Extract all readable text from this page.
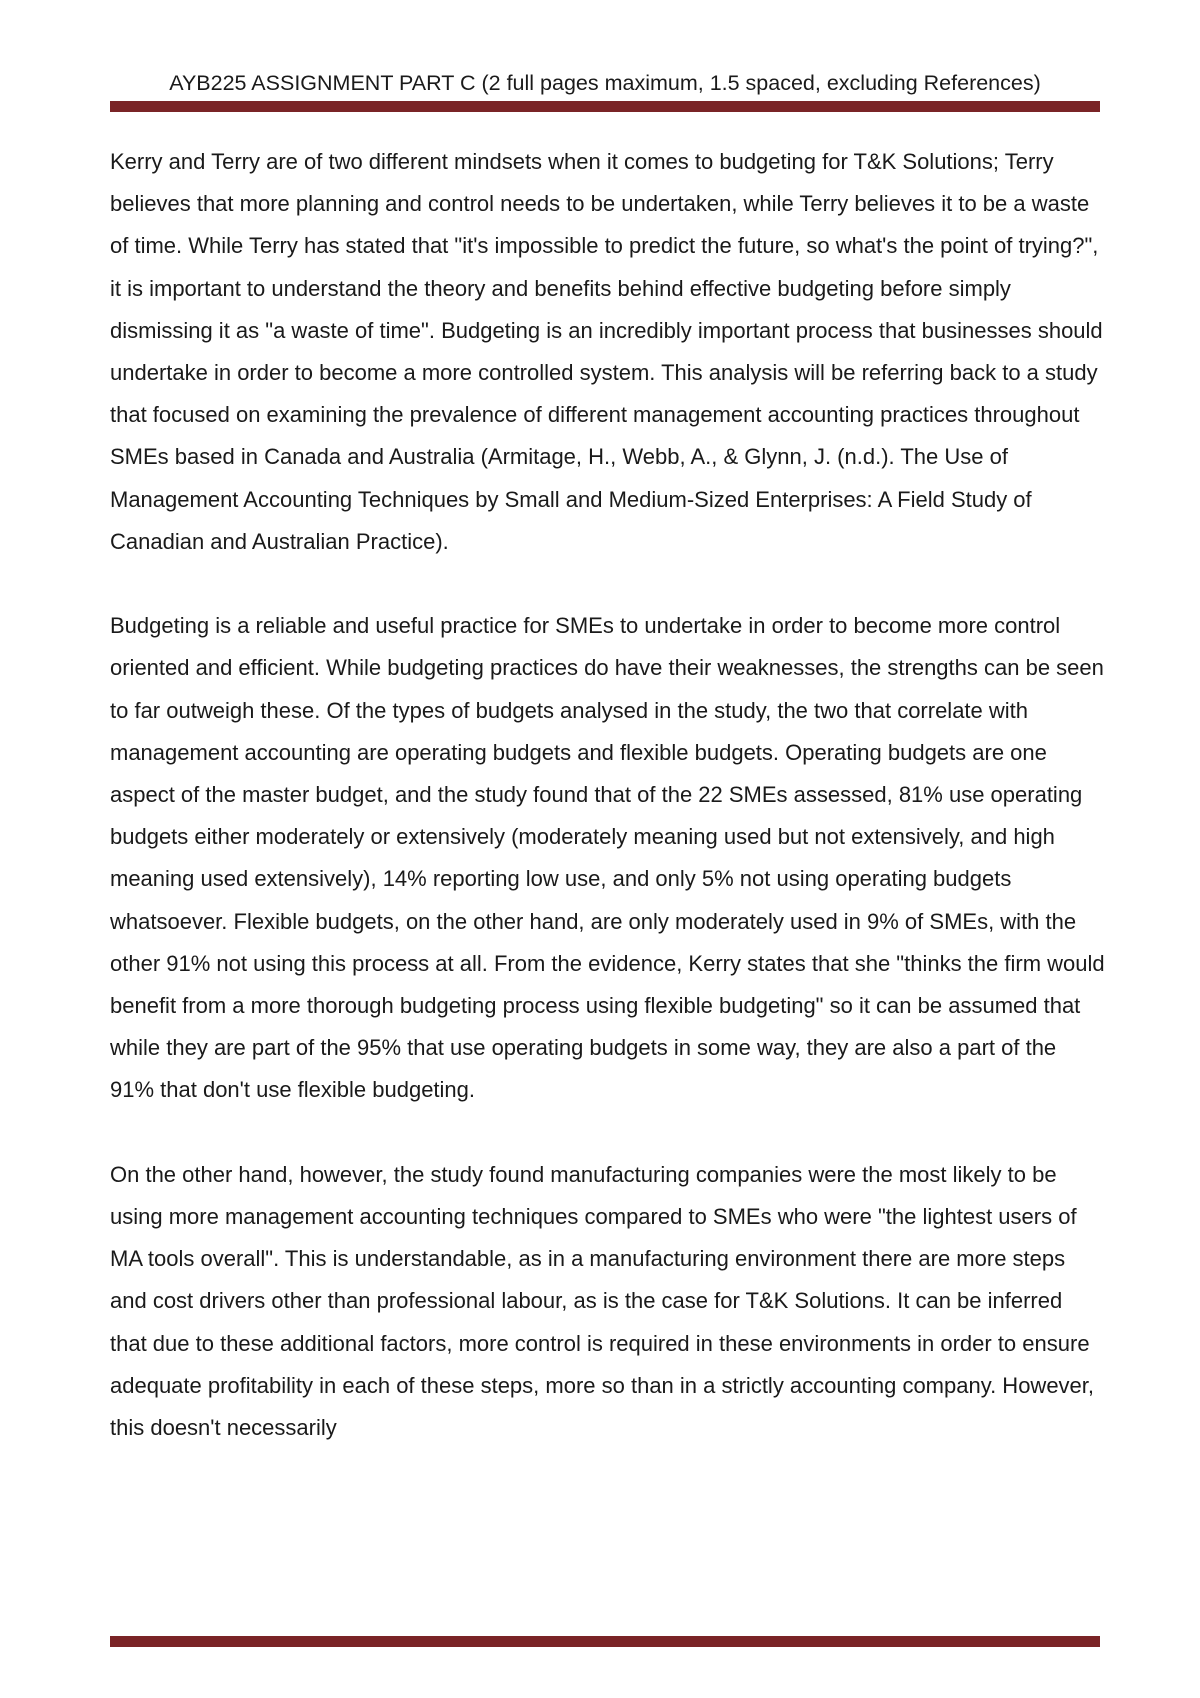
AYB225 ASSIGNMENT PART C (2 full pages maximum, 1.5 spaced, excluding References)

Kerry and Terry are of two different mindsets when it comes to budgeting for T&K Solutions; Terry believes that more planning and control needs to be undertaken, while Terry believes it to be a waste of time. While Terry has stated that "it's impossible to predict the future, so what's the point of trying?", it is important to understand the theory and benefits behind effective budgeting before simply dismissing it as "a waste of time". Budgeting is an incredibly important process that businesses should undertake in order to become a more controlled system. This analysis will be referring back to a study that focused on examining the prevalence of different management accounting practices throughout SMEs based in Canada and Australia (Armitage, H., Webb, A., & Glynn, J. (n.d.). The Use of Management Accounting Techniques by Small and Medium-Sized Enterprises: A Field Study of Canadian and Australian Practice).

Budgeting is a reliable and useful practice for SMEs to undertake in order to become more control oriented and efficient. While budgeting practices do have their weaknesses, the strengths can be seen to far outweigh these. Of the types of budgets analysed in the study, the two that correlate with management accounting are operating budgets and flexible budgets. Operating budgets are one aspect of the master budget, and the study found that of the 22 SMEs assessed, 81% use operating budgets either moderately or extensively (moderately meaning used but not extensively, and high meaning used extensively), 14% reporting low use, and only 5% not using operating budgets whatsoever. Flexible budgets, on the other hand, are only moderately used in 9% of SMEs, with the other 91% not using this process at all. From the evidence, Kerry states that she "thinks the firm would benefit from a more thorough budgeting process using flexible budgeting" so it can be assumed that while they are part of the 95% that use operating budgets in some way, they are also a part of the 91% that don't use flexible budgeting.

On the other hand, however, the study found manufacturing companies were the most likely to be using more management accounting techniques compared to SMEs who were "the lightest users of MA tools overall". This is understandable, as in a manufacturing environment there are more steps and cost drivers other than professional labour, as is the case for T&K Solutions. It can be inferred that due to these additional factors, more control is required in these environments in order to ensure adequate profitability in each of these steps, more so than in a strictly accounting company. However, this doesn't necessarily
